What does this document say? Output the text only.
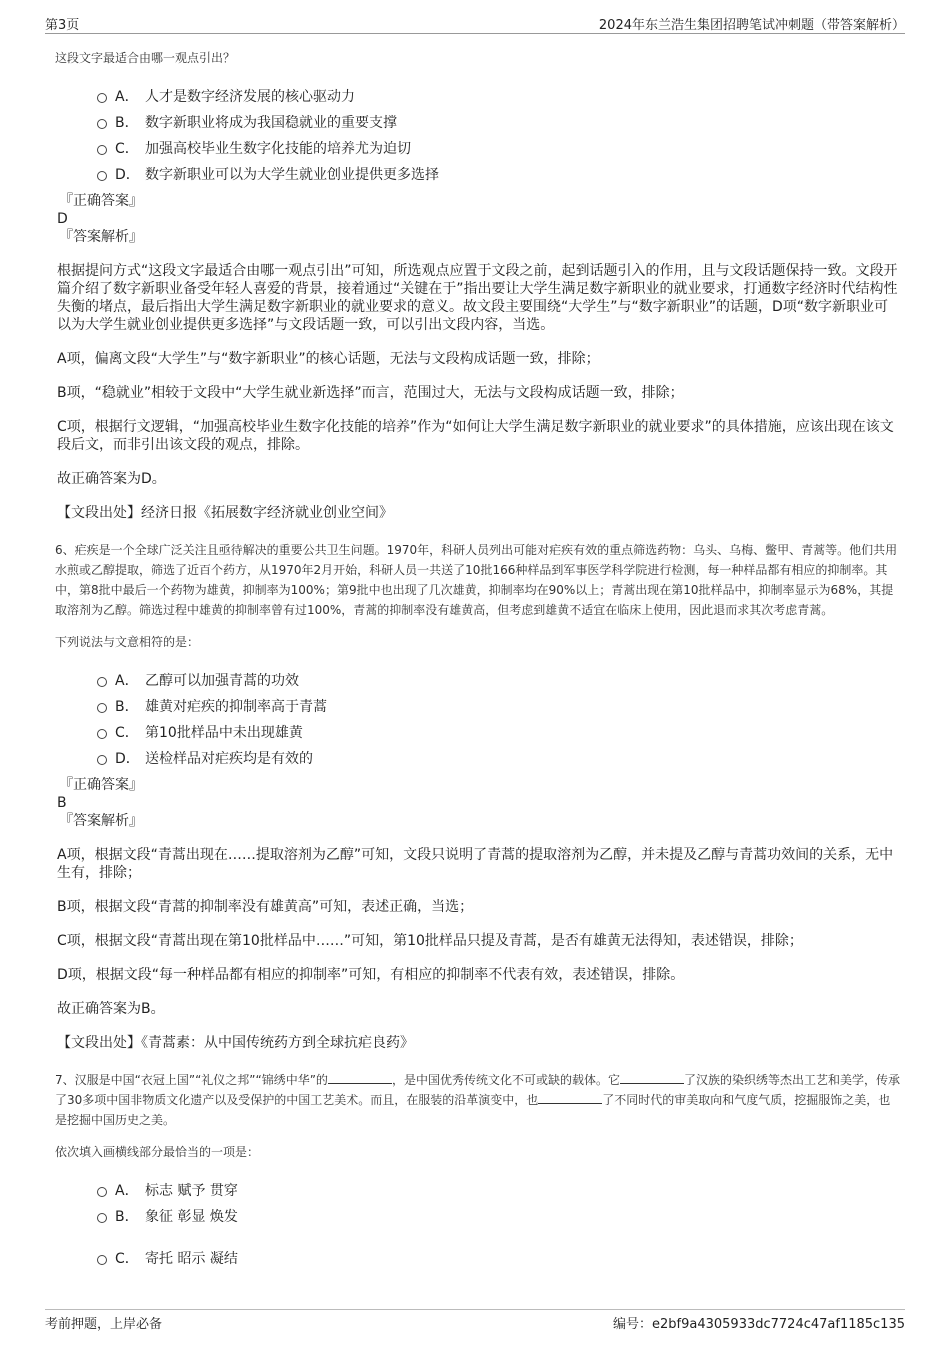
第3页	2024年东兰浩生集团招聘笔试冲刺题（带答案解析）
这段文字最适合由哪一观点引出？
A． 人才是数字经济发展的核心驱动力
B． 数字新职业将成为我国稳就业的重要支撑
C． 加强高校毕业生数字化技能的培养尤为迫切
D． 数字新职业可以为大学生就业创业提供更多选择
『正确答案』
D
『答案解析』
根据提问方式“这段文字最适合由哪一观点引出”可知，所选观点应置于文段之前，起到话题引入的作用，且与文段话题保持一致。文段开篇介绍了数字新职业备受年轻人喜爱的背景，接着通过“关键在于”指出要让大学生满足数字新职业的就业要求，打通数字经济时代结构性失衡的堵点，最后指出大学生满足数字新职业的就业要求的意义。故文段主要围绕“大学生”与“数字新职业”的话题，D项“数字新职业可以为大学生就业创业提供更多选择”与文段话题一致，可以引出文段内容，当选。
A项，偏离文段“大学生”与“数字新职业”的核心话题，无法与文段构成话题一致，排除；
B项，“稳就业”相较于文段中“大学生就业新选择”而言，范围过大，无法与文段构成话题一致，排除；
C项，根据行文逻辑，“加强高校毕业生数字化技能的培养”作为“如何让大学生满足数字新职业的就业要求”的具体措施，应该出现在该文段后文，而非引出该文段的观点，排除。
故正确答案为D。
【文段出处】经济日报《拓展数字经济就业创业空间》
6、疟疾是一个全球广泛关注且亟待解决的重要公共卫生问题。1970年，科研人员列出可能对疟疾有效的重点筛选药物：乌头、乌梅、鳖甲、青蒿等。他们共用水煎或乙醇提取，筛选了近百个药方，从1970年2月开始，科研人员一共送了10批166种样品到军事医学科学院进行检测，每一种样品都有相应的抑制率。其中，第8批中最后一个药物为雄黄，抑制率为100%；第9批中也出现了几次雄黄，抑制率均在90%以上；青蒿出现在第10批样品中，抑制率显示为68%，其提取溶剂为乙醇。筛选过程中雄黄的抑制率曾有过100%，青蒿的抑制率没有雄黄高，但考虑到雄黄不适宜在临床上使用，因此退而求其次考虑青蒿。
下列说法与文意相符的是：
A． 乙醇可以加强青蒿的功效
B． 雄黄对疟疾的抑制率高于青蒿
C． 第10批样品中未出现雄黄
D． 送检样品对疟疾均是有效的
『正确答案』
B
『答案解析』
A项，根据文段“青蒿出现在……提取溶剂为乙醇”可知，文段只说明了青蒿的提取溶剂为乙醇，并未提及乙醇与青蒿功效间的关系，无中生有，排除；
B项，根据文段“青蒿的抑制率没有雄黄高”可知，表述正确，当选；
C项，根据文段“青蒿出现在第10批样品中……”可知，第10批样品只提及青蒿，是否有雄黄无法得知，表述错误，排除；
D项，根据文段“每一种样品都有相应的抑制率”可知，有相应的抑制率不代表有效，表述错误，排除。
故正确答案为B。
【文段出处】《青蒿素：从中国传统药方到全球抗疟良药》
7、汉服是中国“衣冠上国”“礼仪之邦”“锦绣中华”的	，是中国优秀传统文化不可或缺的载体。它	了汉族的染织绣等杰出工艺和美学，传承了30多项中国非物质文化遗产以及受保护的中国工艺美术。而且，在服装的沿革演变中，也	了不同时代的审美取向和气度气质，挖掘服饰之美，也是挖掘中国历史之美。
依次填入画横线部分最恰当的一项是：
A． 标志 赋予 贯穿
B． 象征 彰显 焕发
C． 寄托 昭示 凝结
考前押题，上岸必备	编号：e2bf9a4305933dc7724c47af1185c135
